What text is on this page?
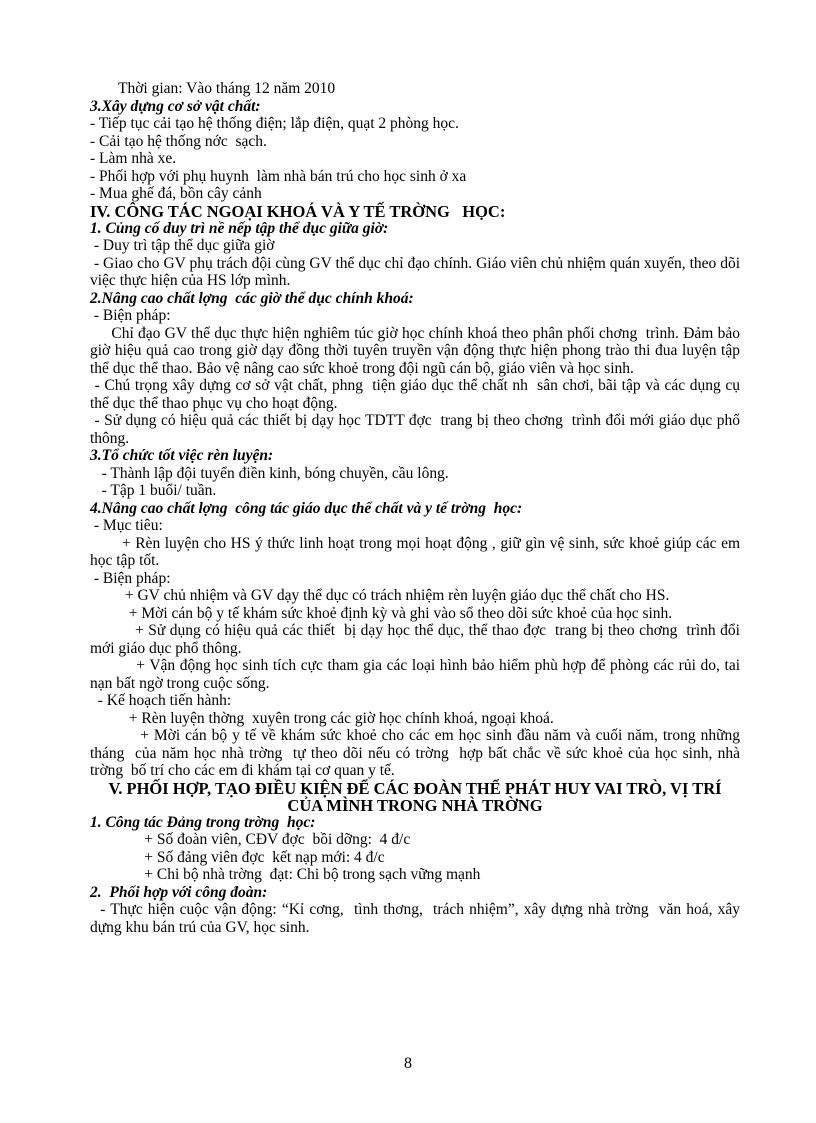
Thời gian: Vào tháng 12 năm 2010
3.Xây dựng cơ sở vật chất:
- Tiếp tục cải tạo hệ thống điện; lắp điện, quạt 2 phòng học.
- Cải tạo hệ thống nớc  sạch.
- Làm nhà xe.
- Phối hợp với phụ huynh  làm nhà bán trú cho học sinh ở xa
- Mua ghế đá, bồn cây cảnh
IV. CÔNG TÁC NGOẠI KHOÁ VÀ Y TẾ TRỜNG   HỌC:
1. Củng cố duy trì nề nếp tập thể dục giữa giờ:
- Duy trì tập thể dục giữa giờ
- Giao cho GV phụ trách đội cùng GV thể dục chỉ đạo chính. Giáo viên chủ nhiệm quán xuyến, theo dõi việc thực hiện của HS lớp mình.
2.Nâng cao chất lợng  các giờ thể dục chính khoá:
- Biện pháp:
Chỉ đạo GV thể dục thực hiện nghiêm túc giờ học chính khoá theo phân phối chơng  trình. Đảm bảo giờ hiệu quả cao trong giờ dạy đồng thời tuyên truyền vận động thực hiện phong trào thi đua luyện tập thể dục thể thao. Bảo vệ nâng cao sức khoẻ trong đội ngũ cán bộ, giáo viên và học sinh.
- Chú trọng xây dựng cơ sở vật chất, phng  tiện giáo dục thể chất nh  sân chơi, bãi tập và các dụng cụ thể dục thể thao phục vụ cho hoạt động.
- Sử dụng có hiệu quả các thiết bị dạy học TDTT đợc  trang bị theo chơng  trình đổi mới giáo dục phổ thông.
3.Tổ chức tốt việc rèn luyện:
- Thành lập đội tuyển điền kinh, bóng chuyền, cầu lông.
- Tập 1 buổi/ tuần.
4.Nâng cao chất lợng  công tác giáo dục thể chất và y tế trờng  học:
- Mục tiêu:
+ Rèn luyện cho HS ý thức linh hoạt trong mọi hoạt động , giữ gìn vệ sinh, sức khoẻ giúp các em học tập tốt.
- Biện pháp:
+ GV chủ nhiệm và GV dạy thể dục có trách nhiệm rèn luyện giáo dục thể chất cho HS.
+ Mời cán bộ y tế khám sức khoẻ định kỳ và ghi vào sổ theo dõi sức khoẻ của học sinh.
+ Sử dụng có hiệu quả các thiết  bị dạy học thể dục, thể thao đợc  trang bị theo chơng  trình đổi mới giáo dục phổ thông.
+ Vận động học sinh tích cực tham gia các loại hình bảo hiểm phù hợp để phòng các rủi do, tai nạn bất ngờ trong cuộc sống.
- Kế hoạch tiến hành:
+ Rèn luyện thờng  xuyên trong các giờ học chính khoá, ngoại khoá.
+ Mời cán bộ y tế về khám sức khoẻ cho các em học sinh đầu năm và cuối năm, trong những tháng  của năm học nhà trờng  tự theo dõi nếu có trờng  hợp bất chắc về sức khoẻ của học sinh, nhà trờng  bố trí cho các em đi khám tại cơ quan y tế.
V. PHỐI HỢP, TẠO ĐIỀU KIỆN ĐỂ CÁC ĐOÀN THỂ PHÁT HUY VAI TRÒ, VỊ TRÍ CỦA MÌNH TRONG NHÀ TRỜNG
1. Công tác Đảng trong trờng  học:
+ Số đoàn viên, CĐV đợc  bồi dỡng:  4 đ/c
+ Số đảng viên đợc  kết nạp mới: 4 đ/c
+ Chi bộ nhà trờng  đạt: Chi bộ trong sạch vững mạnh
2.  Phối hợp với công đoàn:
- Thực hiện cuộc vận động: “Kỉ cơng,  tình thơng,  trách nhiệm”, xây dựng nhà trờng  văn hoá, xây dựng khu bán trú của GV, học sinh.
8
